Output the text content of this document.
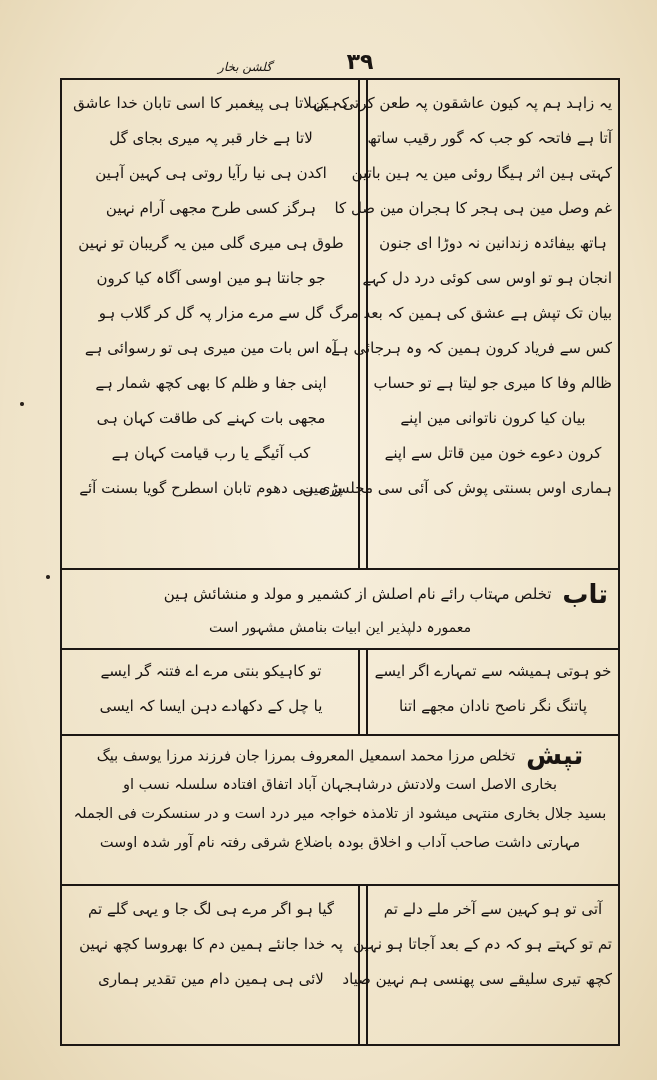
۳۹
گلشن بخار
یہ زاہد ہم پہ کیون عاشقون پہ طعن کرتی ہین
آتا ہے فاتحہ کو جب کہ گور رقیب ساتھ
کہتی ہین اثر ہیگا روئی مین یہ ہین باتین
غم وصل مین ہی ہجر کا ہجران مین صل کا
ہاتھ بیفائدہ زندانین نہ دوڑا ای جنون
انجان ہو تو اوس سی کوئی درد دل کہے
بیان تک تپش ہے عشق کی ہمین کہ بعد مرگ
کس سے فریاد کرون ہمین کہ وہ ہرجائی ہے
ظالم وفا کا میری جو لیتا ہے تو حساب
بیان کیا کرون ناتوانی مین اپنے
کرون دعوے خون مین قاتل سے اپنے
ہماری اوس بسنتی پوش کی آئی سی مجلس مین
کہ کہلاتا ہی پیغمبر کا اسی تابان خدا عاشق
لاتا ہے خار قبر پہ میری بجای گل
اکدن ہی نیا رآیا روتی ہی کہین آہین
ہرگز کسی طرح مجھی آرام نہین
طوق ہی میری گلی مین یہ گریبان تو نہین
جو جانتا ہو مین اوسی آگاہ کیا کرون
گل سے مرے مزار پہ گل کر گلاب ہو
آہ اس بات مین میری ہی تو رسوائی ہے
اپنی جفا و ظلم کا بھی کچھ شمار ہے
مجھی بات کہنے کی طاقت کہان ہی
کب آئیگے یا رب قیامت کہان ہے
پڑی ہی دھوم تابان اسطرح گویا بسنت آئے
تاب تخلص مہتاب رائے نام اصلش از کشمیر و مولد و منشائش ہین
معمورہ دلپذیر این ابیات بنامش مشہور است
خو ہوتی ہمیشہ سے تمہارے اگر ایسے
پاتنگ نگر ناصح نادان مجھے اتنا
تو کاہیکو بنتی مرے اے فتنہ گر ایسے
یا چل کے دکھادے دہن ایسا کہ ایسی
تپش تخلص مرزا محمد اسمعیل المعروف بمرزا جان فرزند مرزا یوسف بیگ
بخاری الاصل است ولادتش درشاہجہان آباد اتفاق افتادہ سلسلہ نسب او
بسید جلال بخاری منتہی میشود از تلامذہ خواجہ میر درد است و در سنسکرت فی الجملہ
مہارتی داشت صاحب آداب و اخلاق بودہ باضلاع شرقی رفتہ نام آور شدہ اوست
آتی تو ہو کہین سے آخر ملے دلے تم
تم تو کہتے ہو کہ دم کے بعد آجاتا ہو نہین
کچھ تیری سلیقے سی پھنسی ہم نہین صیاد
گیا ہو اگر مرے ہی لگ جا و یہی گلے تم
پہ خدا جانئے ہمین دم کا بھروسا کچھ نہین
لائی ہی ہمین دام مین تقدیر ہماری
